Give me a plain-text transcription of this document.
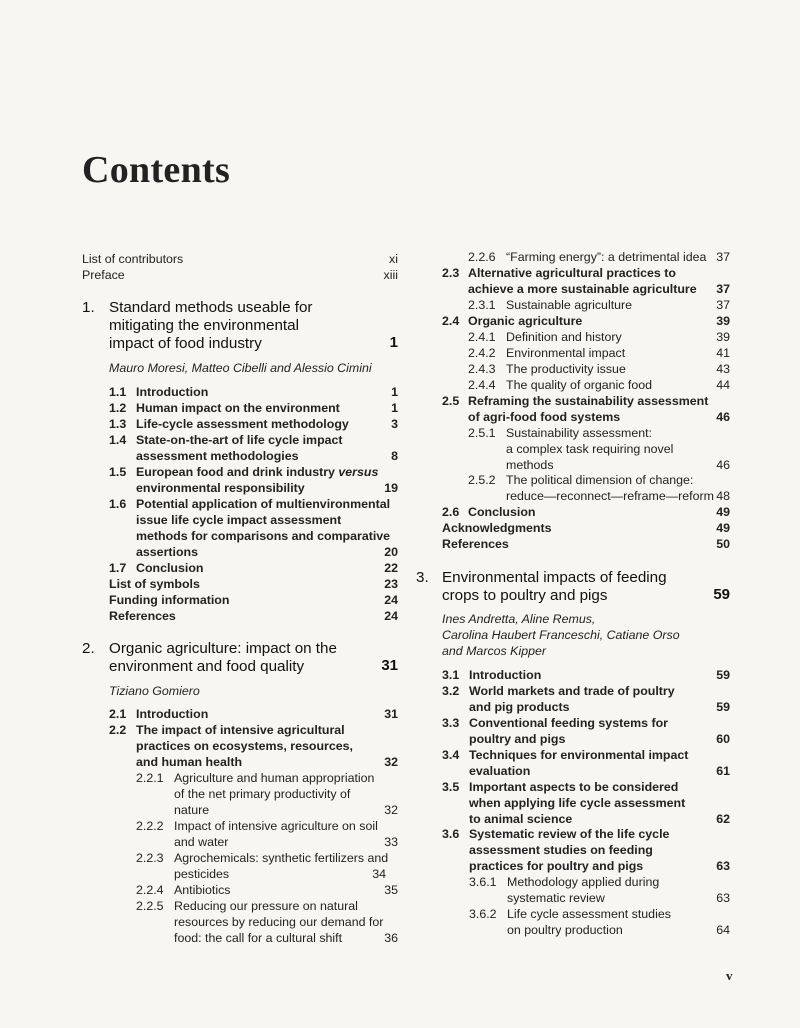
Contents
List of contributors	xi
Preface	xiii
1. Standard methods useable for
mitigating the environmental
impact of food industry	1
Mauro Moresi, Matteo Cibelli and Alessio Cimini
1.1 Introduction	1
1.2 Human impact on the environment	1
1.3 Life-cycle assessment methodology	3
1.4 State-on-the-art of life cycle impact
assessment methodologies	8
1.5 European food and drink industry versus
environmental responsibility	19
1.6 Potential application of multienvironmental
issue life cycle impact assessment
methods for comparisons and comparative
assertions	20
1.7 Conclusion	22
List of symbols	23
Funding information	24
References	24
2. Organic agriculture: impact on the
environment and food quality	31
Tiziano Gomiero
2.1 Introduction	31
2.2 The impact of intensive agricultural
practices on ecosystems, resources,
and human health	32
2.2.1 Agriculture and human appropriation
of the net primary productivity of
nature	32
2.2.2 Impact of intensive agriculture on soil
and water	33
2.2.3 Agrochemicals: synthetic fertilizers and
pesticides	34
2.2.4 Antibiotics	35
2.2.5 Reducing our pressure on natural
resources by reducing our demand for
food: the call for a cultural shift	36
2.2.6 “Farming energy”: a detrimental idea 37
2.3 Alternative agricultural practices to
achieve a more sustainable agriculture 37
2.3.1 Sustainable agriculture	37
2.4 Organic agriculture	39
2.4.1 Definition and history	39
2.4.2 Environmental impact	41
2.4.3 The productivity issue	43
2.4.4 The quality of organic food	44
2.5 Reframing the sustainability assessment
of agri-food food systems	46
2.5.1 Sustainability assessment:
a complex task requiring novel
methods	46
2.5.2 The political dimension of change:
reduce—reconnect—reframe—reform 48
2.6 Conclusion	49
Acknowledgments	49
References	50
3. Environmental impacts of feeding
crops to poultry and pigs	59
Ines Andretta, Aline Remus,
Carolina Haubert Franceschi, Catiane Orso
and Marcos Kipper
3.1 Introduction	59
3.2 World markets and trade of poultry
and pig products	59
3.3 Conventional feeding systems for
poultry and pigs	60
3.4 Techniques for environmental impact
evaluation	61
3.5 Important aspects to be considered
when applying life cycle assessment
to animal science	62
3.6 Systematic review of the life cycle
assessment studies on feeding
practices for poultry and pigs	63
3.6.1 Methodology applied during
systematic review	63
3.6.2 Life cycle assessment studies
on poultry production	64
v
